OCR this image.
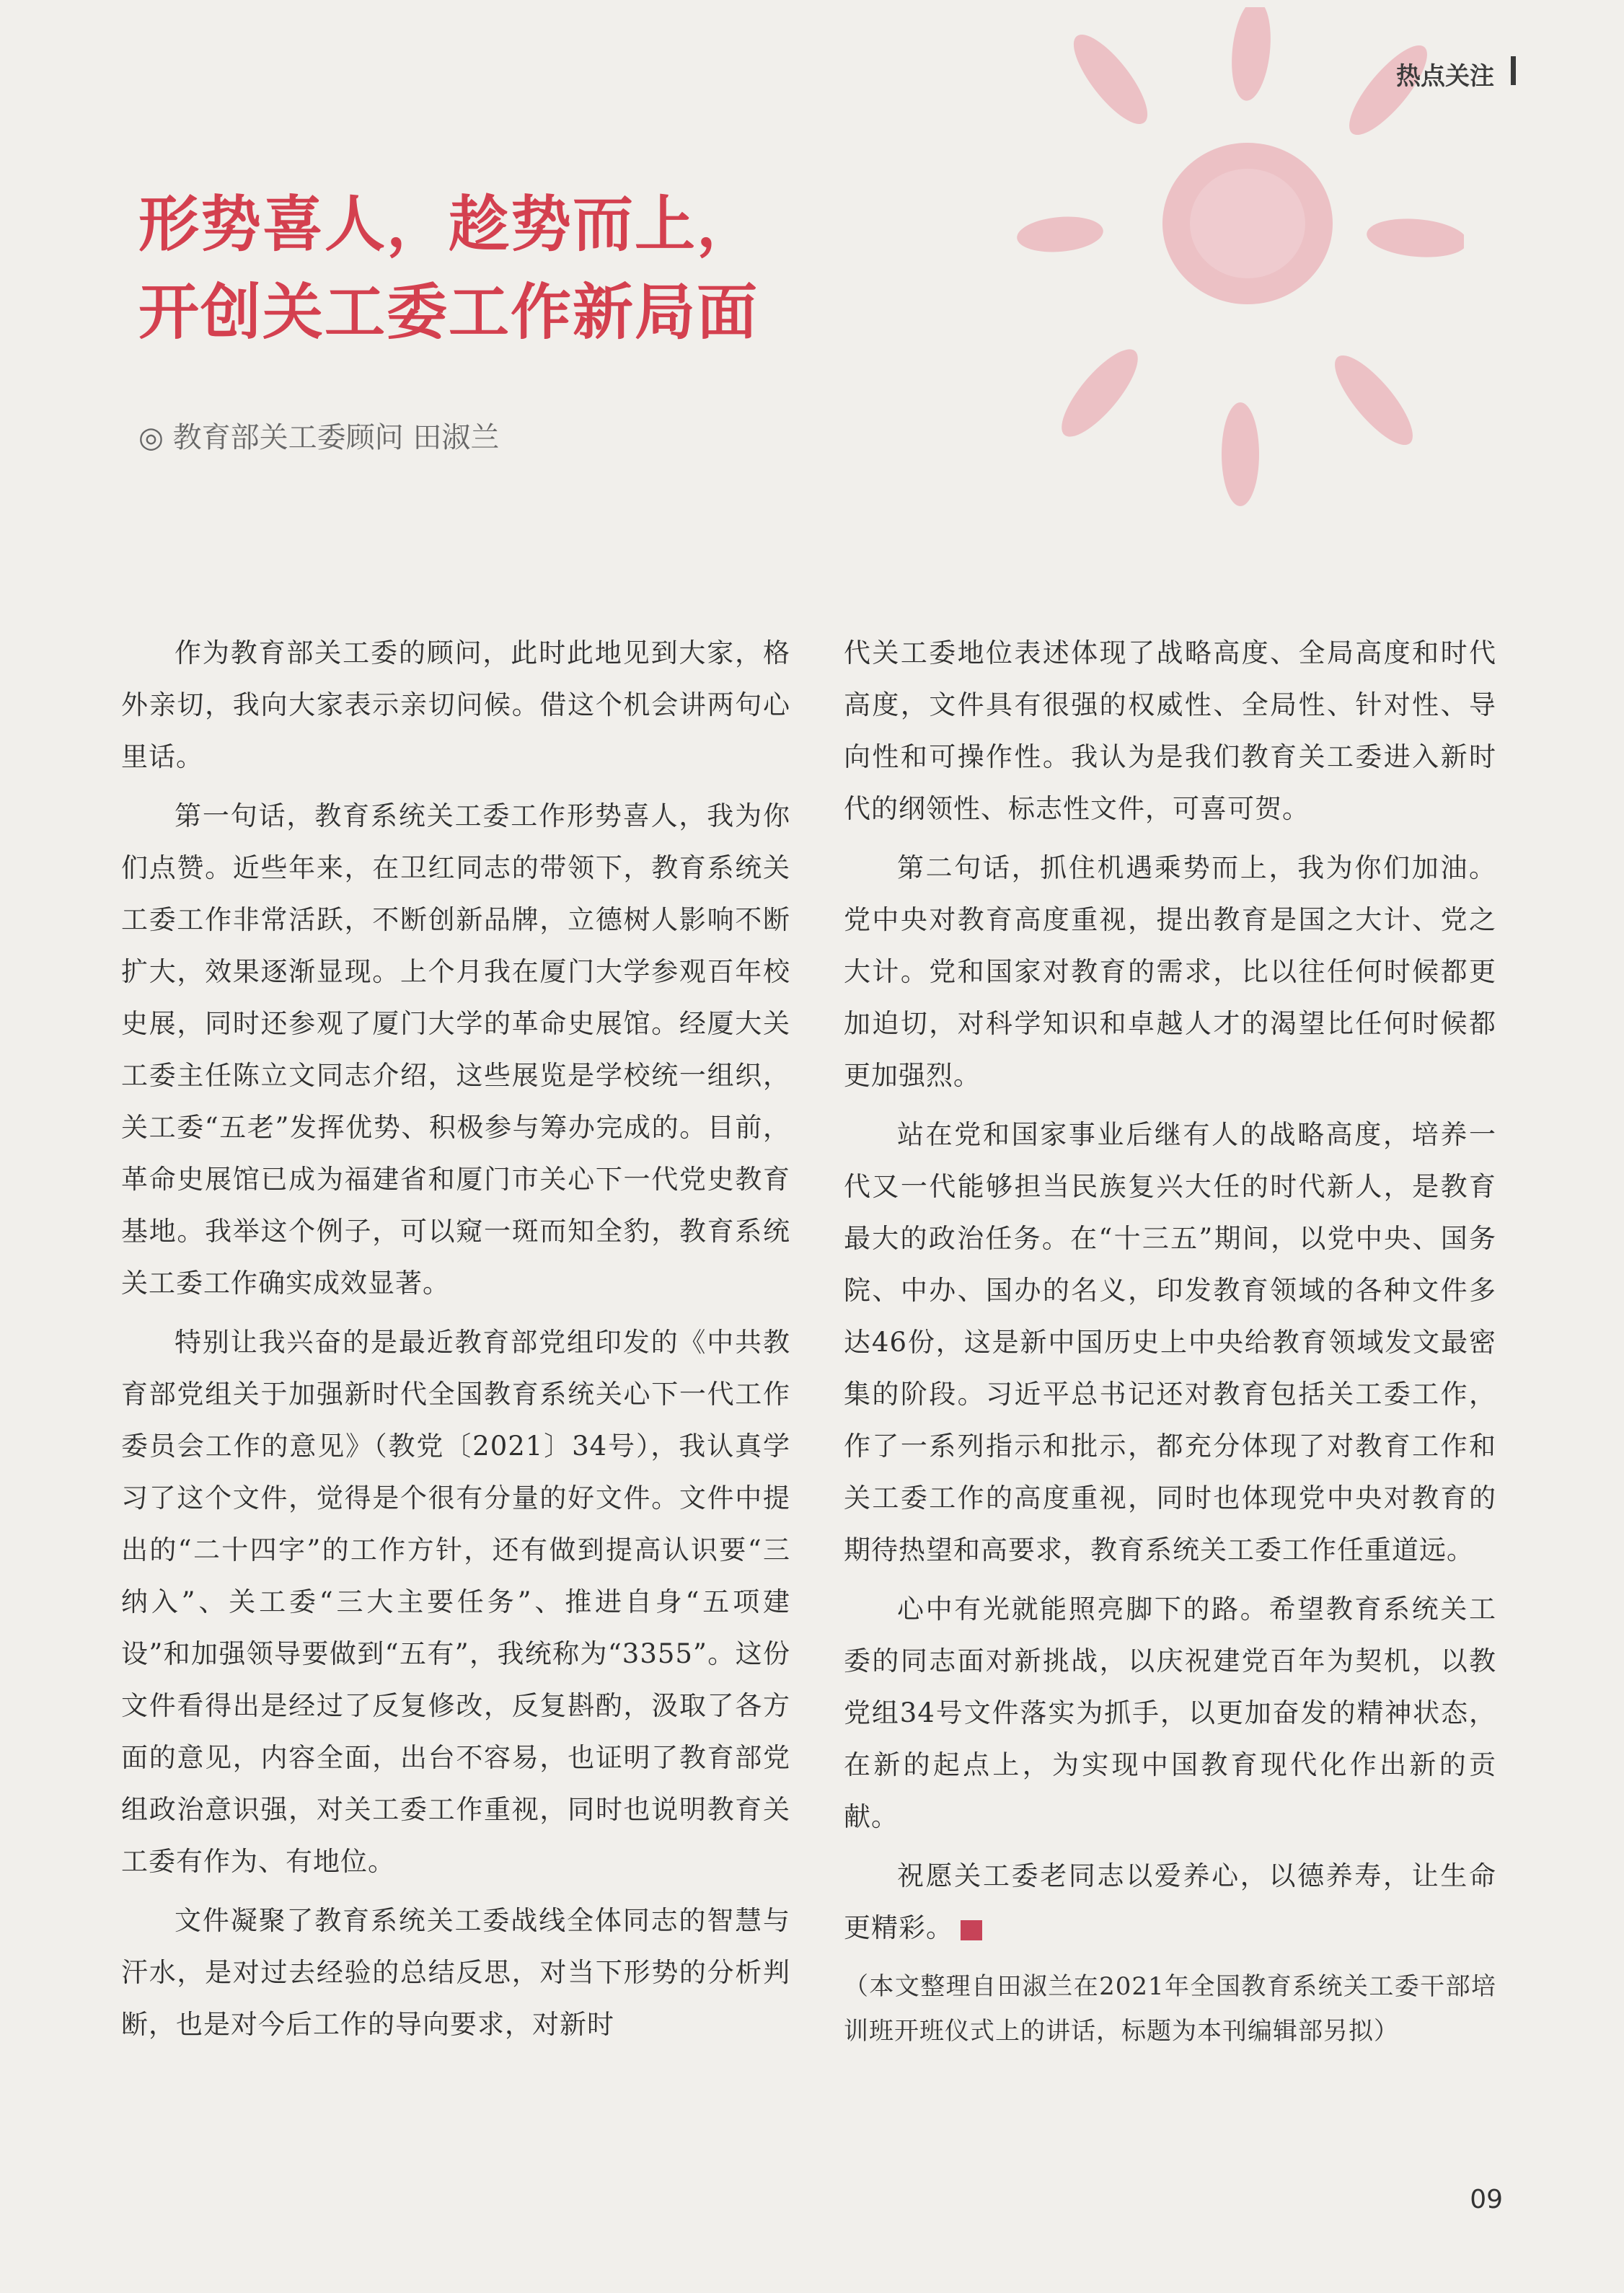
热点关注
形势喜人，趁势而上，
开创关工委工作新局面
◎ 教育部关工委顾问 田淑兰

作为教育部关工委的顾问，此时此地见到大家，格外亲切，我向大家表示亲切问候。借这个机会讲两句心里话。

第一句话，教育系统关工委工作形势喜人，我为你们点赞。近些年来，在卫红同志的带领下，教育系统关工委工作非常活跃，不断创新品牌，立德树人影响不断扩大，效果逐渐显现。上个月我在厦门大学参观百年校史展，同时还参观了厦门大学的革命史展馆。经厦大关工委主任陈立文同志介绍，这些展览是学校统一组织，关工委“五老”发挥优势、积极参与筹办完成的。目前，革命史展馆已成为福建省和厦门市关心下一代党史教育基地。我举这个例子，可以窥一斑而知全豹，教育系统关工委工作确实成效显著。

特别让我兴奋的是最近教育部党组印发的《中共教育部党组关于加强新时代全国教育系统关心下一代工作委员会工作的意见》（教党〔2021〕34号），我认真学习了这个文件，觉得是个很有分量的好文件。文件中提出的“二十四字”的工作方针，还有做到提高认识要“三纳入”、关工委“三大主要任务”、推进自身“五项建设”和加强领导要做到“五有”，我统称为“3355”。这份文件看得出是经过了反复修改，反复斟酌，汲取了各方面的意见，内容全面，出台不容易，也证明了教育部党组政治意识强，对关工委工作重视，同时也说明教育关工委有作为、有地位。

文件凝聚了教育系统关工委战线全体同志的智慧与汗水，是对过去经验的总结反思，对当下形势的分析判断，也是对今后工作的导向要求，对新时

代关工委地位表述体现了战略高度、全局高度和时代高度，文件具有很强的权威性、全局性、针对性、导向性和可操作性。我认为是我们教育关工委进入新时代的纲领性、标志性文件，可喜可贺。

第二句话，抓住机遇乘势而上，我为你们加油。党中央对教育高度重视，提出教育是国之大计、党之大计。党和国家对教育的需求，比以往任何时候都更加迫切，对科学知识和卓越人才的渴望比任何时候都更加强烈。

站在党和国家事业后继有人的战略高度，培养一代又一代能够担当民族复兴大任的时代新人，是教育最大的政治任务。在“十三五”期间，以党中央、国务院、中办、国办的名义，印发教育领域的各种文件多达46份，这是新中国历史上中央给教育领域发文最密集的阶段。习近平总书记还对教育包括关工委工作，作了一系列指示和批示，都充分体现了对教育工作和关工委工作的高度重视，同时也体现党中央对教育的期待热望和高要求，教育系统关工委工作任重道远。

心中有光就能照亮脚下的路。希望教育系统关工委的同志面对新挑战，以庆祝建党百年为契机，以教党组34号文件落实为抓手，以更加奋发的精神状态，在新的起点上，为实现中国教育现代化作出新的贡献。

祝愿关工委老同志以爱养心，以德养寿，让生命更精彩。

（本文整理自田淑兰在2021年全国教育系统关工委干部培训班开班仪式上的讲话，标题为本刊编辑部另拟）

09
